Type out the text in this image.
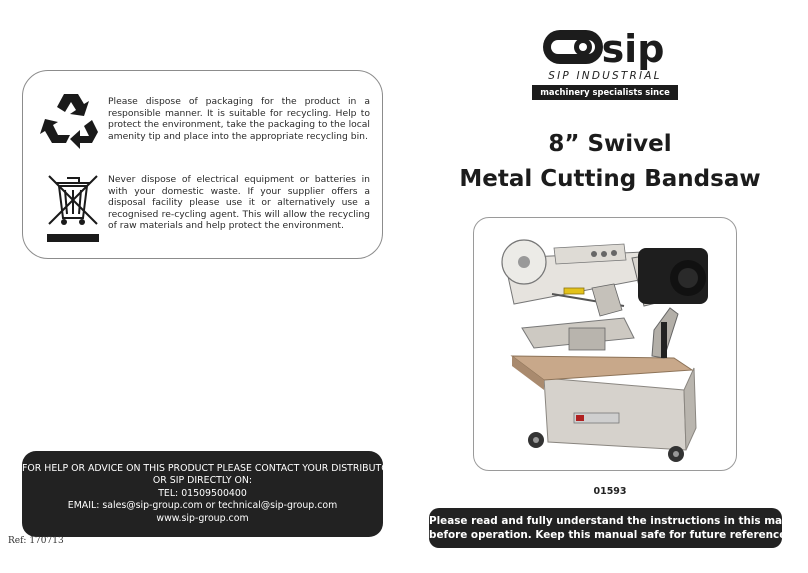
Please dispose of packaging for the product in a responsible manner. It is suitable for recycling. Help to protect the environment, take the packaging to the local amenity tip and place into the appropriate recycling bin.
Never dispose of electrical equipment or batteries in with your domestic waste. If your supplier offers a disposal facility please use it or alternatively use a recognised re-cycling agent. This will allow the recycling of raw materials and help protect the environment.
FOR HELP OR ADVICE ON THIS PRODUCT PLEASE CONTACT YOUR DISTRIBUTOR,
OR SIP DIRECTLY ON:
TEL: 01509500400
EMAIL: sales@sip-group.com or technical@sip-group.com
www.sip-group.com
Ref: 170713
sip
SIP INDUSTRIAL
machinery specialists since 1968
8” Swivel
Metal Cutting Bandsaw
01593
Please read and fully understand the instructions in this manual
before operation. Keep this manual safe for future reference.
